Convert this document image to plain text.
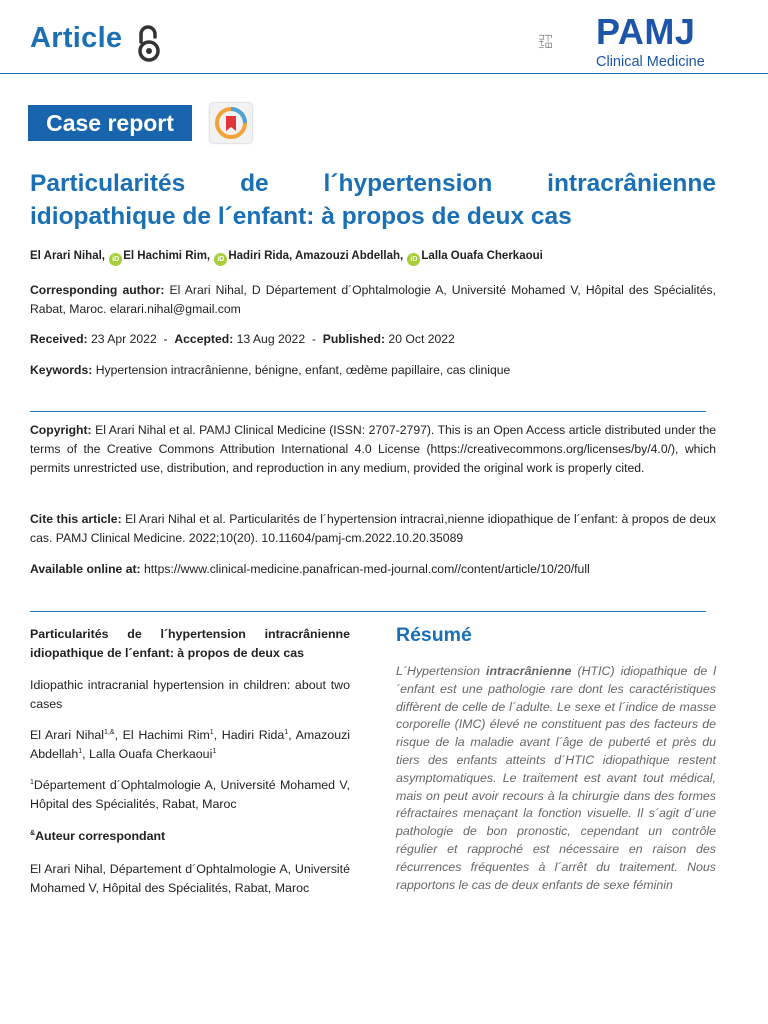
Article	PAMJ
Clinical Medicine
Case report
Particularités de l´hypertension intracrânienne
idiopathique de l´enfant: à propos de deux cas
El Arari Nihal, iD El Hachimi Rim, iD Hadiri Rida, Amazouzi Abdellah, iD Lalla Ouafa Cherkaoui
Corresponding author: El Arari Nihal, D Département d´Ophtalmologie A, Université Mohamed V, Hôpital des Spécialités, Rabat, Maroc. elarari.nihal@gmail.com
Received: 23 Apr 2022 - Accepted: 13 Aug 2022 - Published: 20 Oct 2022
Keywords: Hypertension intracrânienne, bénigne, enfant, œdème papillaire, cas clinique
Copyright: El Arari Nihal et al. PAMJ Clinical Medicine (ISSN: 2707-2797). This is an Open Access article distributed under the terms of the Creative Commons Attribution International 4.0 License (https://creativecommons.org/licenses/by/4.0/), which permits unrestricted use, distribution, and reproduction in any medium, provided the original work is properly cited.
Cite this article: El Arari Nihal et al. Particularités de l´hypertension intracraì,nienne idiopathique de l´enfant: à propos de deux cas. PAMJ Clinical Medicine. 2022;10(20). 10.11604/pamj-cm.2022.10.20.35089
Available online at: https://www.clinical-medicine.panafrican-med-journal.com//content/article/10/20/full
Particularités de l´hypertension intracrânienne idiopathique de l´enfant: à propos de deux cas
Idiopathic intracranial hypertension in children: about two cases
El Arari Nihal$^{1,\&}$, El Hachimi Rim$^1$, Hadiri Rida$^1$, Amazouzi Abdellah$^1$, Lalla Ouafa Cherkaoui$^1$
$^1$Département d´Ophtalmologie A, Université Mohamed V, Hôpital des Spécialités, Rabat, Maroc
&Auteur correspondant
El Arari Nihal, Département d´Ophtalmologie A, Université Mohamed V, Hôpital des Spécialités, Rabat, Maroc
Résumé
L´Hypertension intracrânienne (HTIC) idiopathique de l´enfant est une pathologie rare dont les caractéristiques diffèrent de celle de l´adulte. Le sexe et l´indice de masse corporelle (IMC) élevé ne constituent pas des facteurs de risque de la maladie avant l´âge de puberté et près du tiers des enfants atteints d´HTIC idiopathique restent asymptomatiques. Le traitement est avant tout médical, mais on peut avoir recours à la chirurgie dans des formes réfractaires menaçant la fonction visuelle. Il s´agit d´une pathologie de bon pronostic, cependant un contrôle régulier et rapproché est nécessaire en raison des récurrences fréquentes à l´arrêt du traitement. Nous rapportons le cas de deux enfants de sexe féminin
